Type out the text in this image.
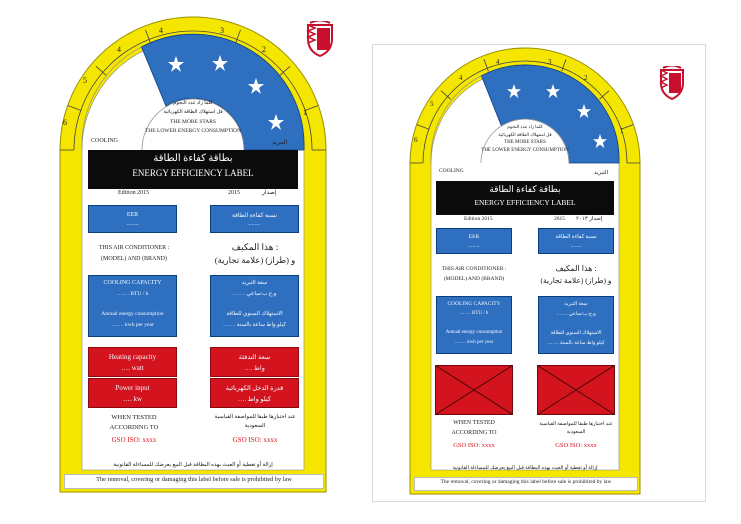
6
5
4
4	3
2
1
كلما زاد عدد النجوم
قل استهلاك الطاقة الكهربائية
THE MORE STARS
THE LOWER ENERGY CONSUMPTION
COOLING	التبريد
بطاقة كفاءة الطاقة
ENERGY EFFICIENCY LABEL
Edition 2015	2015	إصدار
EER
........
نسبة كفاءة الطاقة
........
THIS AIR CONDITIONER :
(MODEL) AND (BRAND)
هذا المكيف :
(علامة تجارية) و (طراز)
COOLING CAPACITY
……. BTU / h
Annual energy consumption
……. kwh per year
سعة التبريد
……. و.ح.ب/ساعي
الاستهلاك السنوي للطاقة
……. كيلو واط ساعة بالسنة
Heating capacity
…. watt
Power input
…. kw
سعة التدفئة
…. واط
قدرة الدخل الكهربائية
…. كيلو واط
WHEN TESTED
ACCORDING TO
عند اختبارها طبقا للمواصفة القياسية
السعودية
GSO ISO: xxxx	GSO ISO: xxxx
إزالة أو تغطية أو العبث بهذه البطاقة قبل البيع يعرضك للمساءلة القانونية
The removal, covering or damaging this label before sale is prohibited by law
6
5
4
4	3
2
1
كلما زاد عدد النجوم
قل استهلاك الطاقة الكهربائية
THE MORE STARS
THE LOWER ENERGY CONSUMPTION
COOLING	التبريد
بطاقة كفاءة الطاقة
ENERGY EFFICIENCY LABEL
Edition 2015	2015 إصدار ٢٠١٣
EER
........
نسبة كفاءة الطاقة
........
THIS AIR CONDITIONER :
(MODEL) AND (BRAND)
هذا المكيف :
(علامة تجارية) و (طراز)
COOLING CAPACITY
……. BTU / h
Annual energy consumption
……. kwh per year
سعة التبريد
……. و.ح.ب/ساعي
الاستهلاك السنوي للطاقة
……. كيلو واط ساعة بالسنة
WHEN TESTED
ACCORDING TO
عند اختبارها طبقا للمواصفة القياسية
السعودية
GSO ISO: xxxx	GSO ISO: xxxx
إزالة أو تغطية أو العبث بهذه البطاقة قبل البيع يعرضك للمساءلة القانونية
The removal, covering or damaging this label before sale is prohibited by law
